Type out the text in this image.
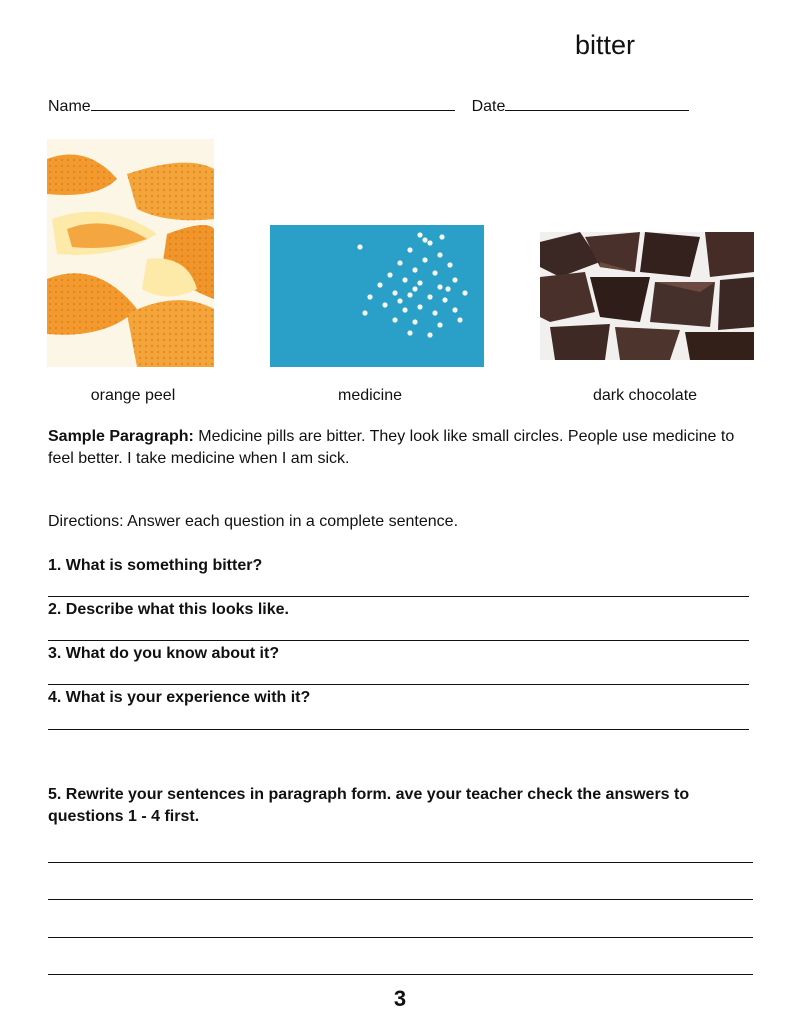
bitter
Name	Date
orange peel	medicine	dark chocolate
Sample Paragraph: Medicine pills are bitter. They look like small circles. People use medicine to feel better. I take medicine when I am sick.
Directions: Answer each question in a complete sentence.
1. What is something bitter?
2. Describe what this looks like.
3. What do you know about it?
4. What is your experience with it?
5. Rewrite your sentences in paragraph form. ave your teacher check the answers to questions 1 - 4 first.
3
